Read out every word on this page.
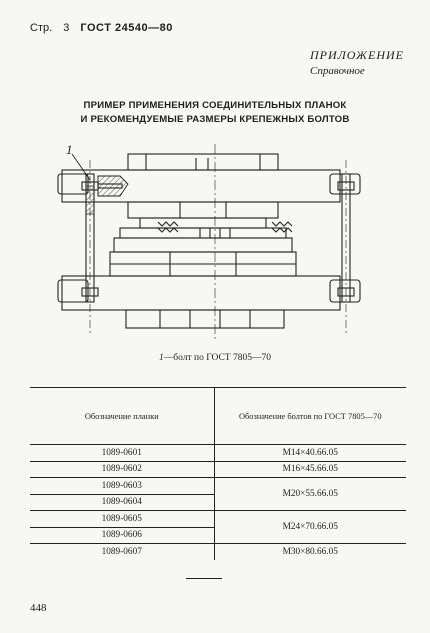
Стр. 3 ГОСТ 24540—80
ПРИЛОЖЕНИЕ
Справочное
ПРИМЕР ПРИМЕНЕНИЯ СОЕДИНИТЕЛЬНЫХ ПЛАНОК
И РЕКОМЕНДУЕМЫЕ РАЗМЕРЫ КРЕПЕЖНЫХ БОЛТОВ
1
1—болт по ГОСТ 7805—70
Обозначение планки	Обозначение болтов по ГОСТ 7805—70
1089-0601	M14×40.66.05
1089-0602	M16×45.66.05
1089-0603	M20×55.66.05
1089-0604	
1089-0605	M24×70.66.05
1089-0606	
1089-0607	M30×80.66.05
448
